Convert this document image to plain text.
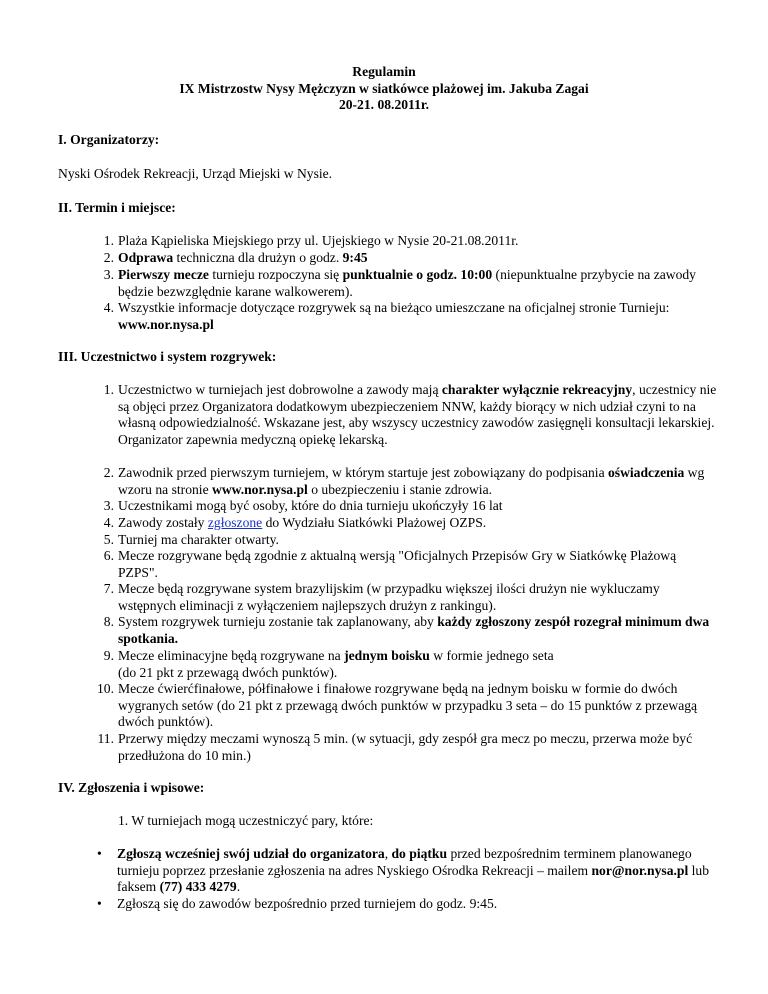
Regulamin
IX Mistrzostw Nysy Mężczyzn w siatkówce plażowej im. Jakuba Zagai
20-21. 08.2011r.
I. Organizatorzy:
Nyski Ośrodek Rekreacji, Urząd Miejski w Nysie.
II. Termin i miejsce:
1. Plaża Kąpieliska Miejskiego przy ul. Ujejskiego w Nysie 20-21.08.2011r.
2. Odprawa techniczna dla drużyn o godz. 9:45
3. Pierwszy mecze turnieju rozpoczyna się punktualnie o godz. 10:00 (niepunktualne przybycie na zawody będzie bezwzględnie karane walkowerem).
4. Wszystkie informacje dotyczące rozgrywek są na bieżąco umieszczane na oficjalnej stronie Turnieju: www.nor.nysa.pl
III. Uczestnictwo i system rozgrywek:
1. Uczestnictwo w turniejach jest dobrowolne a zawody mają charakter wyłącznie rekreacyjny, uczestnicy nie są objęci przez Organizatora dodatkowym ubezpieczeniem NNW, każdy biorący w nich udział czyni to na własną odpowiedzialność. Wskazane jest, aby wszyscy uczestnicy zawodów zasięgnęli konsultacji lekarskiej. Organizator zapewnia medyczną opiekę lekarską.
2. Zawodnik przed pierwszym turniejem, w którym startuje jest zobowiązany do podpisania oświadczenia wg wzoru na stronie www.nor.nysa.pl o ubezpieczeniu i stanie zdrowia.
3. Uczestnikami mogą być osoby, które do dnia turnieju ukończyły 16 lat
4. Zawody zostały zgłoszone do Wydziału Siatkówki Plażowej OZPS.
5. Turniej ma charakter otwarty.
6. Mecze rozgrywane będą zgodnie z aktualną wersją "Oficjalnych Przepisów Gry w Siatkówkę Plażową PZPS".
7. Mecze będą rozgrywane system brazylijskim (w przypadku większej ilości drużyn nie wykluczamy wstępnych eliminacji z wyłączeniem najlepszych drużyn z rankingu).
8. System rozgrywek turnieju zostanie tak zaplanowany, aby każdy zgłoszony zespół rozegrał minimum dwa spotkania.
9. Mecze eliminacyjne będą rozgrywane na jednym boisku w formie jednego seta
(do 21 pkt z przewagą dwóch punktów).
10. Mecze ćwierćfinałowe, półfinałowe i finałowe rozgrywane będą na jednym boisku w formie do dwóch wygranych setów (do 21 pkt z przewagą dwóch punktów w przypadku 3 seta – do 15 punktów z przewagą dwóch punktów).
11. Przerwy między meczami wynoszą 5 min. (w sytuacji, gdy zespół gra mecz po meczu, przerwa może być przedłużona do 10 min.)
IV. Zgłoszenia i wpisowe:
1. W turniejach mogą uczestniczyć pary, które:
• Zgłoszą wcześniej swój udział do organizatora, do piątku przed bezpośrednim terminem planowanego turnieju poprzez przesłanie zgłoszenia na adres Nyskiego Ośrodka Rekreacji – mailem nor@nor.nysa.pl lub faksem (77) 433 4279.
• Zgłoszą się do zawodów bezpośrednio przed turniejem do godz. 9:45.
